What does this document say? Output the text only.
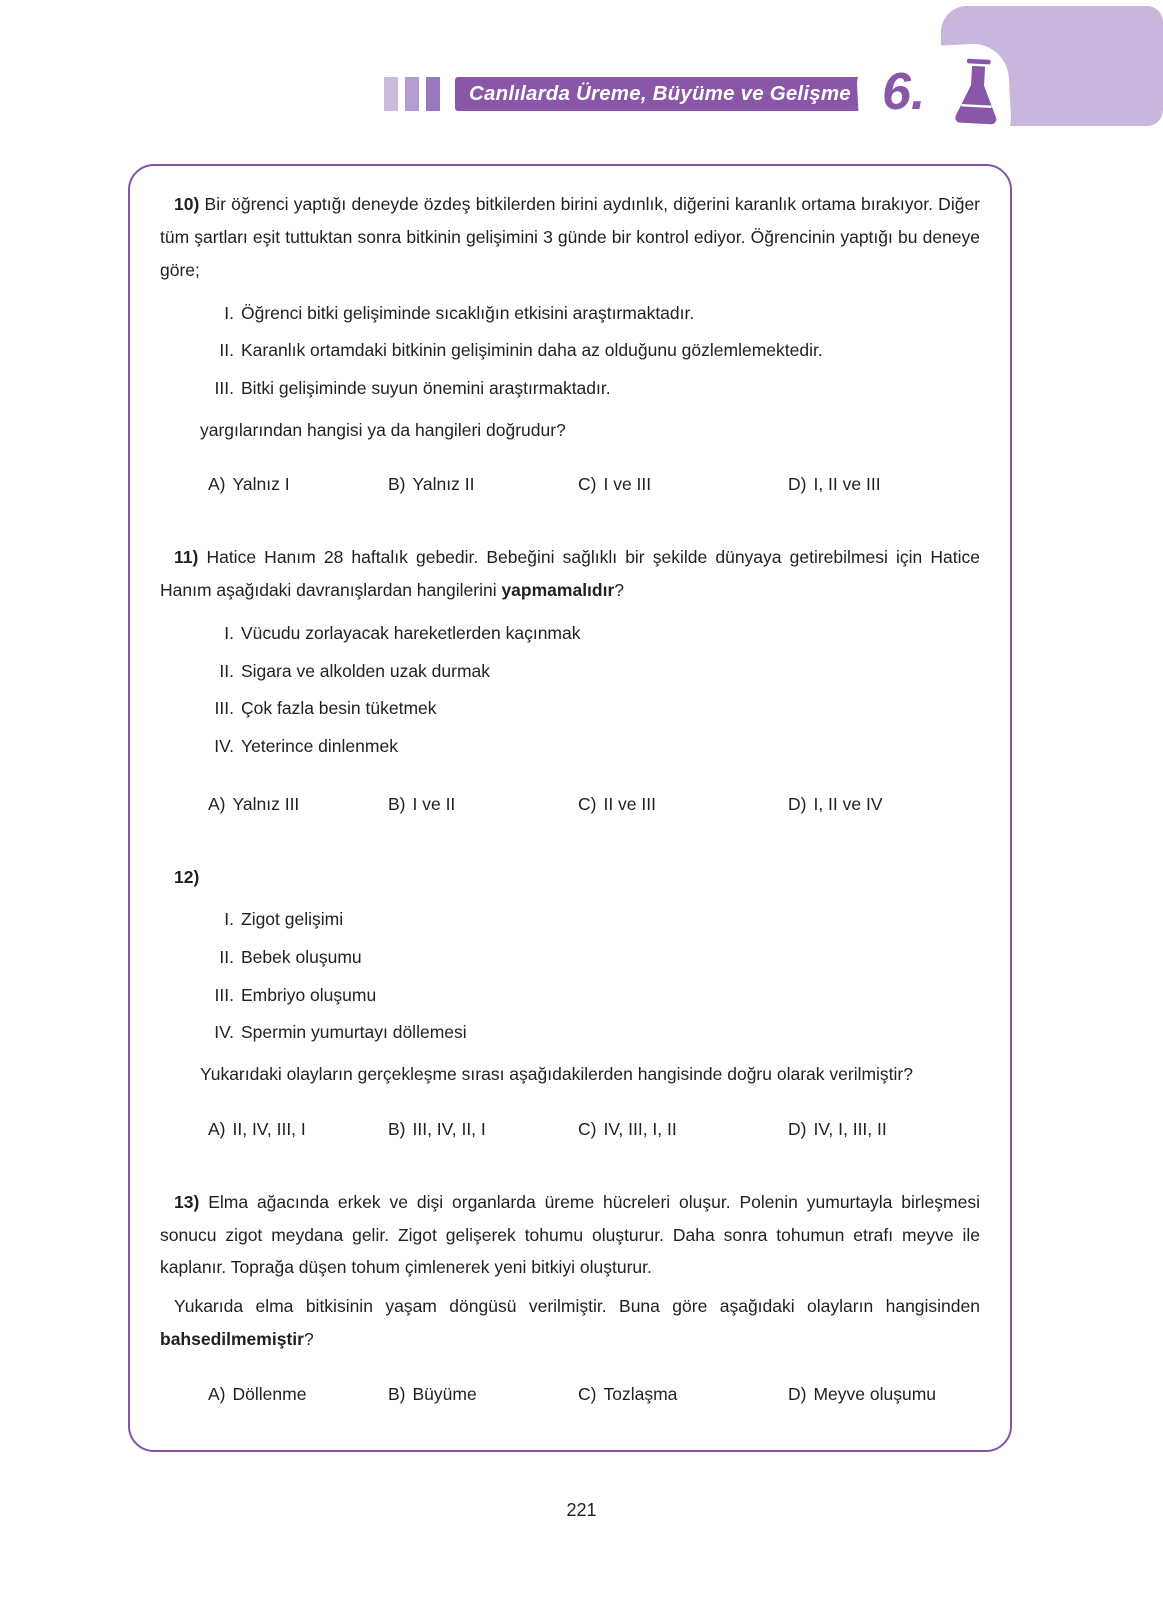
Canlılarda Üreme, Büyüme ve Gelişme 6.

10) Bir öğrenci yaptığı deneyde özdeş bitkilerden birini aydınlık, diğerini karanlık ortama bırakıyor. Diğer tüm şartları eşit tuttuktan sonra bitkinin gelişimini 3 günde bir kontrol ediyor. Öğrencinin yaptığı bu deneye göre;

I. Öğrenci bitki gelişiminde sıcaklığın etkisini araştırmaktadır.
II. Karanlık ortamdaki bitkinin gelişiminin daha az olduğunu gözlemlemektedir.
III. Bitki gelişiminde suyun önemini araştırmaktadır.

yargılarından hangisi ya da hangileri doğrudur?

A) Yalnız I	B) Yalnız II	C) I ve III	D) I, II ve III

11) Hatice Hanım 28 haftalık gebedir. Bebeğini sağlıklı bir şekilde dünyaya getirebilmesi için Hatice Hanım aşağıdaki davranışlardan hangilerini yapmamalıdır?

I. Vücudu zorlayacak hareketlerden kaçınmak
II. Sigara ve alkolden uzak durmak
III. Çok fazla besin tüketmek
IV. Yeterince dinlenmek
A) Yalnız III	B) I ve II	C) II ve III	D) I, II ve IV

12)

I. Zigot gelişimi
II. Bebek oluşumu
III. Embriyo oluşumu
IV. Spermin yumurtayı döllemesi

Yukarıdaki olayların gerçekleşme sırası aşağıdakilerden hangisinde doğru olarak verilmiştir?

A) II, IV, III, I	B) III, IV, II, I	C) IV, III, I, II	D) IV, I, III, II

13) Elma ağacında erkek ve dişi organlarda üreme hücreleri oluşur. Polenin yumurtayla birleşmesi sonucu zigot meydana gelir. Zigot gelişerek tohumu oluşturur. Daha sonra tohumun etrafı meyve ile kaplanır. Toprağa düşen tohum çimlenerek yeni bitkiyi oluşturur.

Yukarıda elma bitkisinin yaşam döngüsü verilmiştir. Buna göre aşağıdaki olayların hangisinden bahsedilmemiştir?

A) Döllenme	B) Büyüme	C) Tozlaşma	D) Meyve oluşumu
221
